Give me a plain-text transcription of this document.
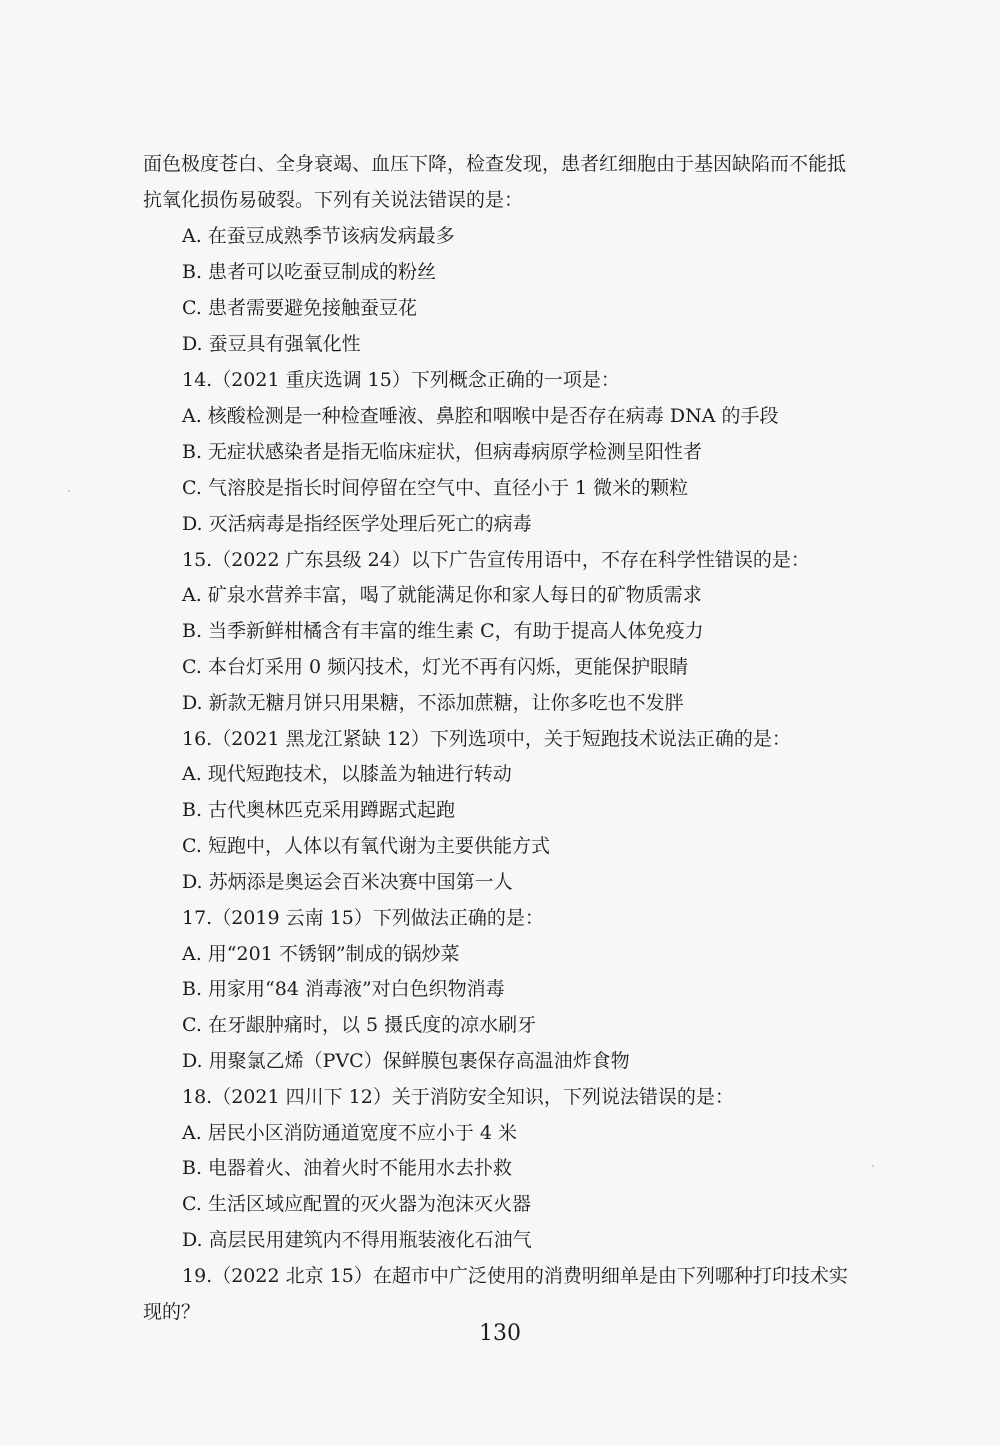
面色极度苍白、全身衰竭、血压下降，检查发现，患者红细胞由于基因缺陷而不能抵
抗氧化损伤易破裂。下列有关说法错误的是：
A. 在蚕豆成熟季节该病发病最多
B. 患者可以吃蚕豆制成的粉丝
C. 患者需要避免接触蚕豆花
D. 蚕豆具有强氧化性
14.（2021 重庆选调 15）下列概念正确的一项是：
A. 核酸检测是一种检查唾液、鼻腔和咽喉中是否存在病毒 DNA 的手段
B. 无症状感染者是指无临床症状，但病毒病原学检测呈阳性者
C. 气溶胶是指长时间停留在空气中、直径小于 1 微米的颗粒
D. 灭活病毒是指经医学处理后死亡的病毒
15.（2022 广东县级 24）以下广告宣传用语中，不存在科学性错误的是：
A. 矿泉水营养丰富，喝了就能满足你和家人每日的矿物质需求
B. 当季新鲜柑橘含有丰富的维生素 C，有助于提高人体免疫力
C. 本台灯采用 0 频闪技术，灯光不再有闪烁，更能保护眼睛
D. 新款无糖月饼只用果糖，不添加蔗糖，让你多吃也不发胖
16.（2021 黑龙江紧缺 12）下列选项中，关于短跑技术说法正确的是：
A. 现代短跑技术，以膝盖为轴进行转动
B. 古代奥林匹克采用蹲踞式起跑
C. 短跑中，人体以有氧代谢为主要供能方式
D. 苏炳添是奥运会百米决赛中国第一人
17.（2019 云南 15）下列做法正确的是：
A. 用“201 不锈钢”制成的锅炒菜
B. 用家用“84 消毒液”对白色织物消毒
C. 在牙龈肿痛时，以 5 摄氏度的凉水刷牙
D. 用聚氯乙烯（PVC）保鲜膜包裹保存高温油炸食物
18.（2021 四川下 12）关于消防安全知识，下列说法错误的是：
A. 居民小区消防通道宽度不应小于 4 米
B. 电器着火、油着火时不能用水去扑救
C. 生活区域应配置的灭火器为泡沫灭火器
D. 高层民用建筑内不得用瓶装液化石油气
19.（2022 北京 15）在超市中广泛使用的消费明细单是由下列哪种打印技术实
现的？
130
